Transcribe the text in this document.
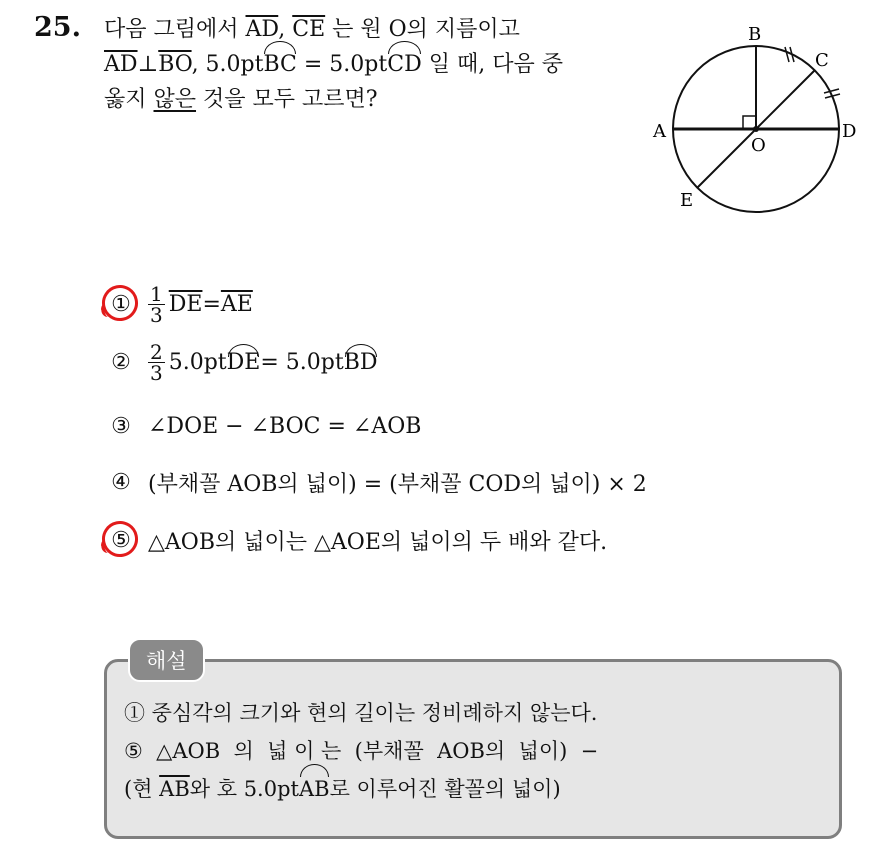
25. 다음 그림에서 $\overline{AD}$, $\overline{CE}$ 는 원 O의 지름이고
$\overline{AD}\perp\overline{BO}$, 5.0ptBC = 5.0ptCD 일 때, 다음 중
옳지 않은 것을 모두 고르면?
A
B
C
D
E
O
① $\frac{1}{3} \overline{DE} = \overline{AE}$
② $\frac{2}{3} 5.0pt$ DE = 5.0pt BD
③ ∠DOE − ∠BOC = ∠AOB
④ (부채꼴 AOB의 넓이) = (부채꼴 COD의 넓이) × 2
⑤ △AOB의 넓이는 △AOE의 넓이의 두 배와 같다.
해설
① 중심각의 크기와 현의 길이는 정비례하지 않는다.
⑤  △AOB  의  넓 이 는  (부채꼴  AOB의  넓이)  −
(현 $\overline{AB}$와 호 5.0ptAB로 이루어진 활꼴의 넓이)
